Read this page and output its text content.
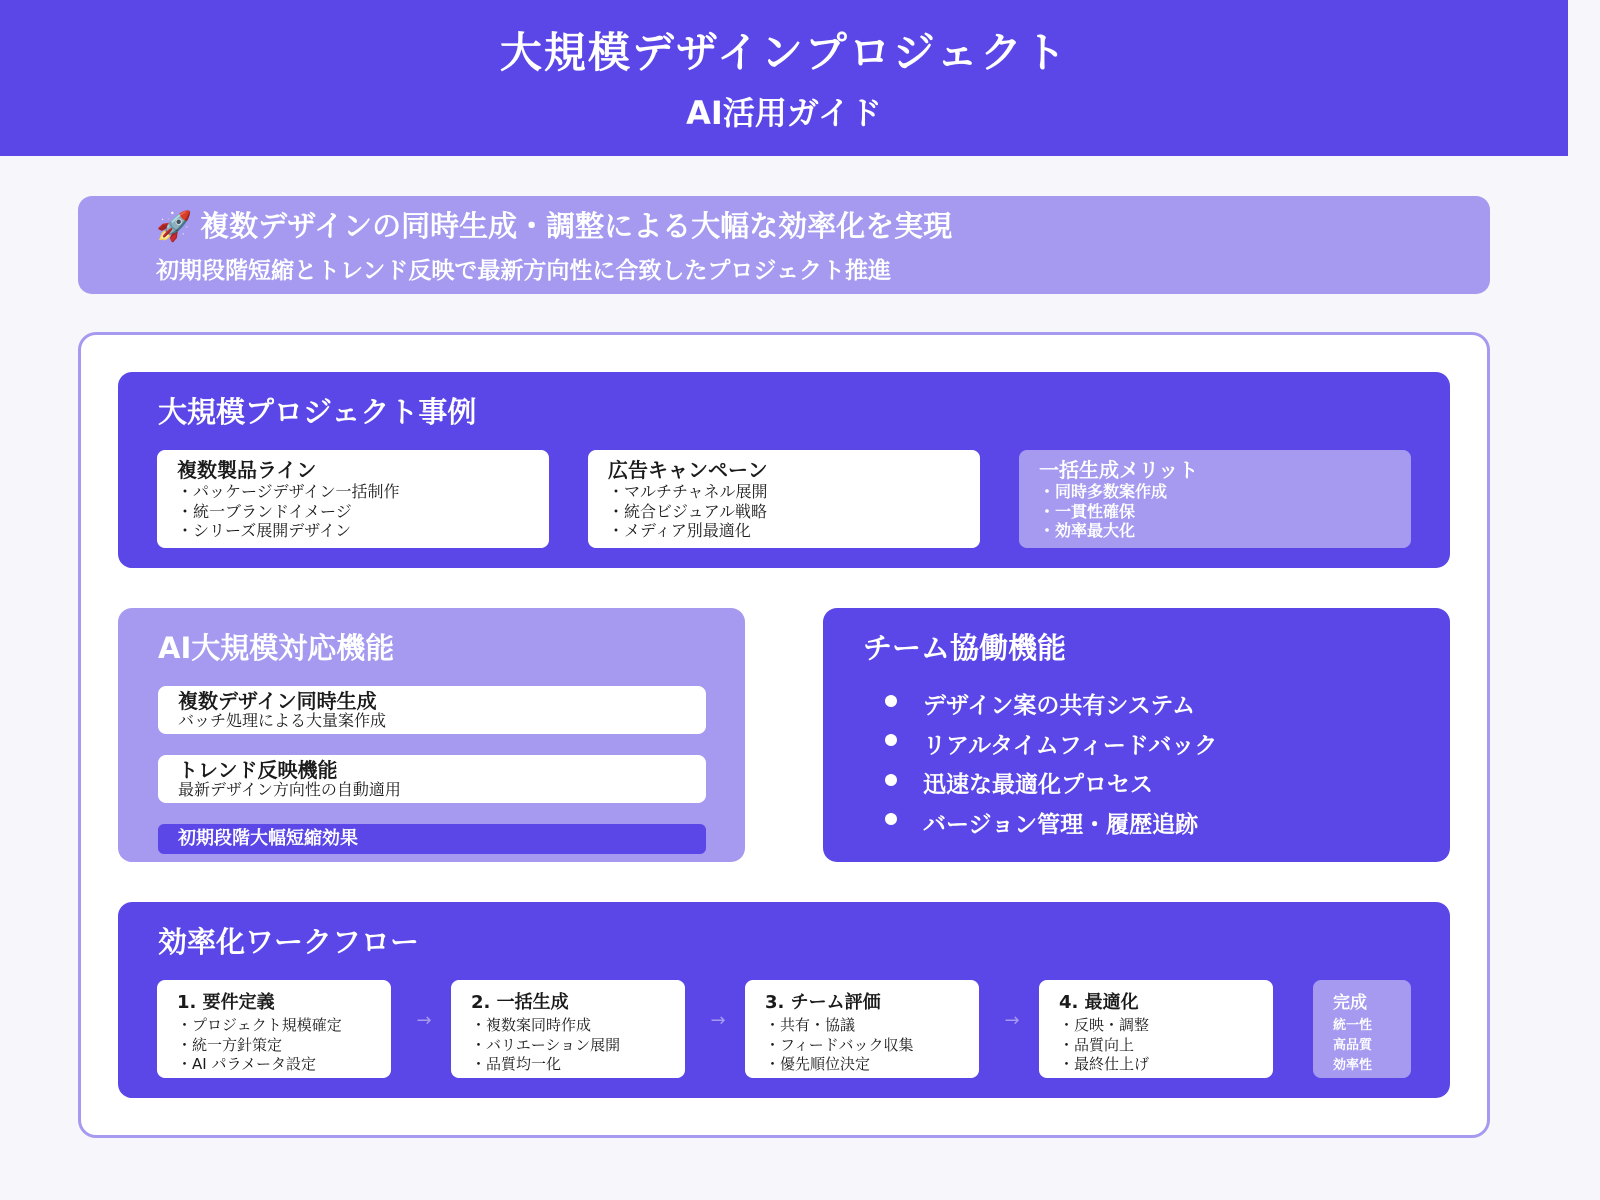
大規模デザインプロジェクト
AI活用ガイド
🚀 複数デザインの同時生成・調整による大幅な効率化を実現
初期段階短縮とトレンド反映で最新方向性に合致したプロジェクト推進
大規模プロジェクト事例
複数製品ライン
・パッケージデザイン一括制作
・統一ブランドイメージ
・シリーズ展開デザイン
広告キャンペーン
・マルチチャネル展開
・統合ビジュアル戦略
・メディア別最適化
一括生成メリット
・同時多数案作成
・一貫性確保
・効率最大化
AI大規模対応機能
複数デザイン同時生成
バッチ処理による大量案作成
トレンド反映機能
最新デザイン方向性の自動適用
初期段階大幅短縮効果
チーム協働機能
デザイン案の共有システム
リアルタイムフィードバック
迅速な最適化プロセス
バージョン管理・履歴追跡
効率化ワークフロー
1. 要件定義
・プロジェクト規模確定
・統一方針策定
・AI パラメータ設定
→
2. 一括生成
・複数案同時作成
・バリエーション展開
・品質均一化
→
3. チーム評価
・共有・協議
・フィードバック収集
・優先順位決定
→
4. 最適化
・反映・調整
・品質向上
・最終仕上げ
完成
統一性
高品質
効率性
